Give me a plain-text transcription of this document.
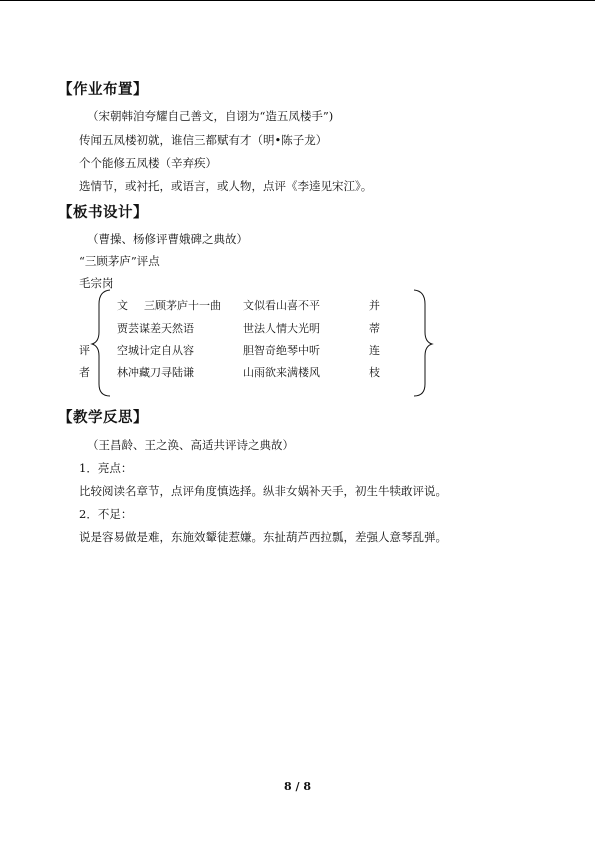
【作业布置】
（宋朝韩洎夸耀自己善文，自诩为“造五凤楼手”)
传闻五凤楼初就，谁信三都赋有才（明•陈子龙）
个个能修五凤楼（辛弃疾）
选情节，或衬托，或语言，或人物，点评《李逵见宋江》。
【板书设计】
（曹操、杨修评曹娥碑之典故）
“三顾茅庐”评点
毛宗岗
评
者
文 三顾茅庐十一曲 文似看山喜不平	并
贾芸谋差天然语	世法人情大光明	蒂
空城计定自从容	胆智奇绝琴中听	连
林冲藏刀寻陆谦	山雨欲来满楼风	枝
【教学反思】
（王昌龄、王之涣、高适共评诗之典故）
1．亮点：
比较阅读名章节，点评角度慎选择。纵非女娲补天手，初生牛犊敢评说。
2．不足：
说是容易做是难，东施效颦徒惹嫌。东扯葫芦西拉瓢，差强人意琴乱弹。
8 / 8
